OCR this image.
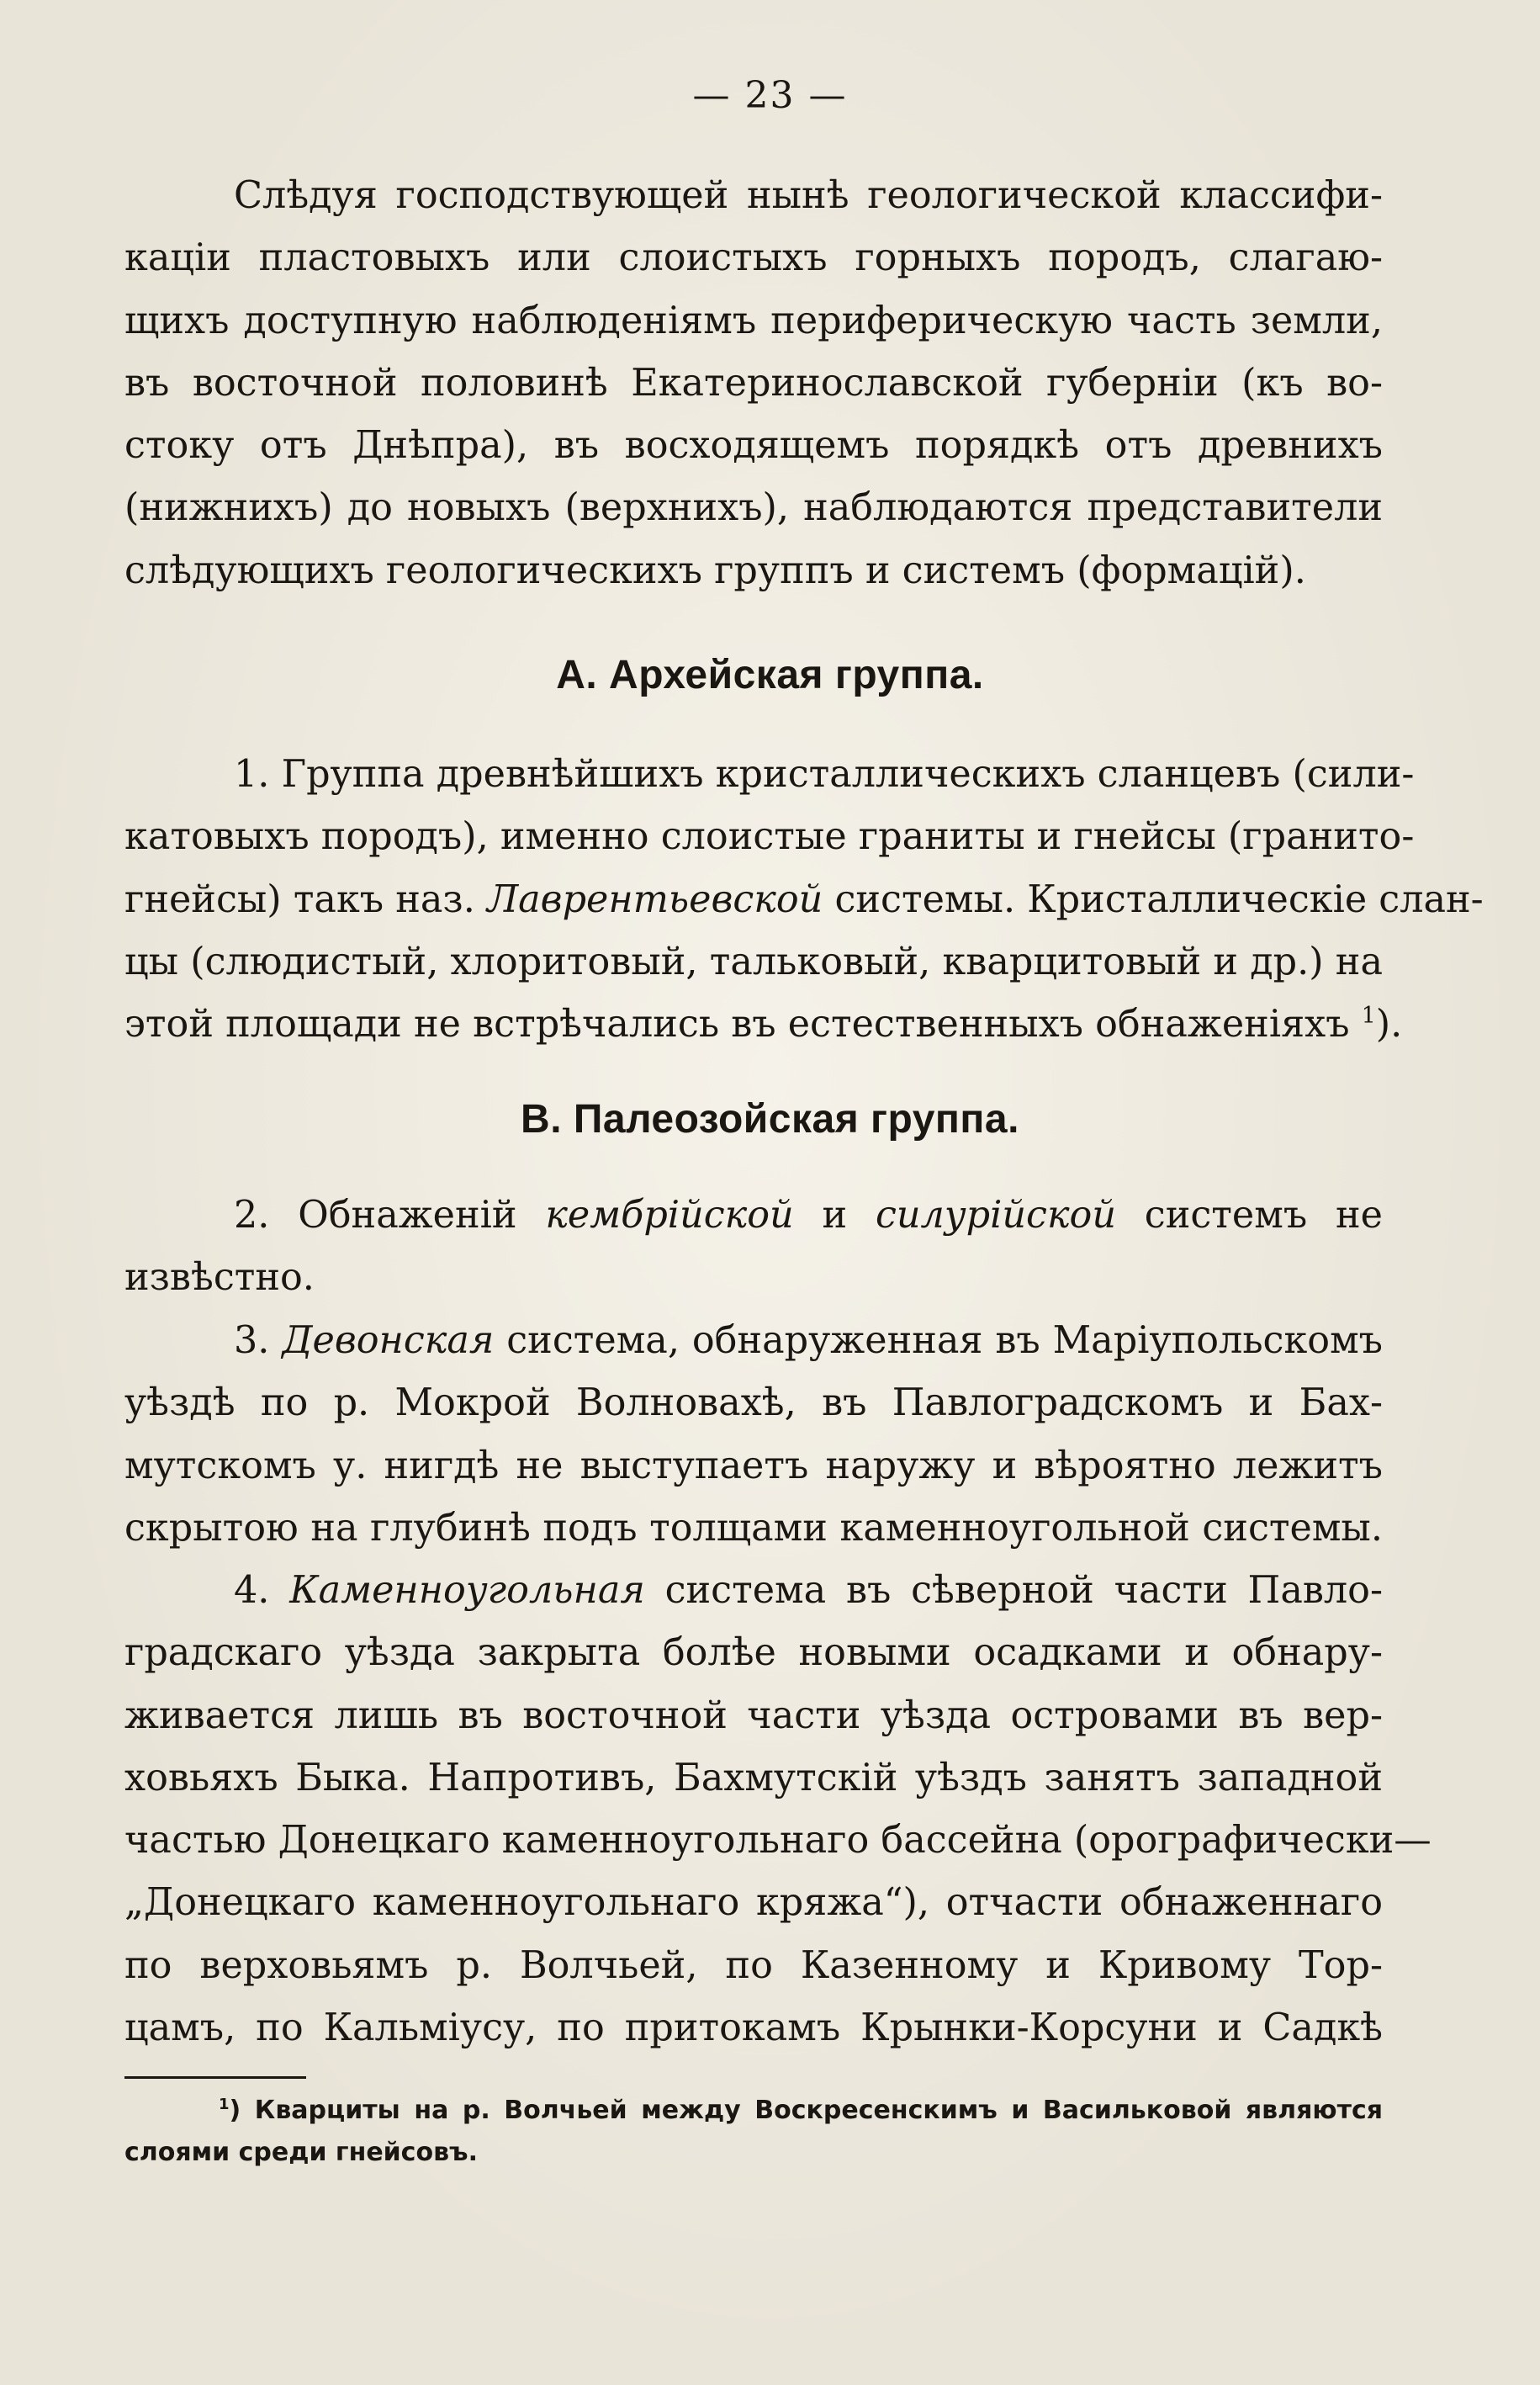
— 23 —
Слѣдуя господствующей нынѣ геологической классифи-
каціи пластовыхъ или слоистыхъ горныхъ породъ, слагаю-
щихъ доступную наблюденіямъ периферическую часть земли,
въ восточной половинѣ Екатеринославской губерніи (къ во-
стоку отъ Днѣпра), въ восходящемъ порядкѣ отъ древнихъ
(нижнихъ) до новыхъ (верхнихъ), наблюдаются представители
слѣдующихъ геологическихъ группъ и системъ (формацій).
А. Архейская группа.
1. Группа древнѣйшихъ кристаллическихъ сланцевъ (сили-
катовыхъ породъ), именно слоистые граниты и гнейсы (гранито-
гнейсы) такъ наз. Лаврентьевской системы. Кристаллическіе слан-
цы (слюдистый, хлоритовый, тальковый, кварцитовый и др.) на
этой площади не встрѣчались въ естественныхъ обнаженіяхъ $^1$).
В. Палеозойская группа.
2. Обнаженій кембрійской и силурійской системъ не
извѣстно.
3. Девонская система, обнаруженная въ Маріупольскомъ
уѣздѣ по р. Мокрой Волновахѣ, въ Павлоградскомъ и Бах-
мутскомъ у. нигдѣ не выступаетъ наружу и вѣроятно лежитъ
скрытою на глубинѣ подъ толщами каменноугольной системы.
4. Каменноугольная система въ сѣверной части Павло-
градскаго уѣзда закрыта болѣе новыми осадками и обнару-
живается лишь въ восточной части уѣзда островами въ вер-
ховьяхъ Быка. Напротивъ, Бахмутскій уѣздъ занятъ западной
частью Донецкаго каменноугольнаго бассейна (орографически—
„Донецкаго каменноугольнаго кряжа“), отчасти обнаженнаго
по верховьямъ р. Волчьей, по Казенному и Кривому Тор-
цамъ, по Кальміусу, по притокамъ Крынки-Корсуни и Садкѣ
$^1$) Кварциты на р. Волчьей между Воскресенскимъ и Васильковой являются
слоями среди гнейсовъ.
